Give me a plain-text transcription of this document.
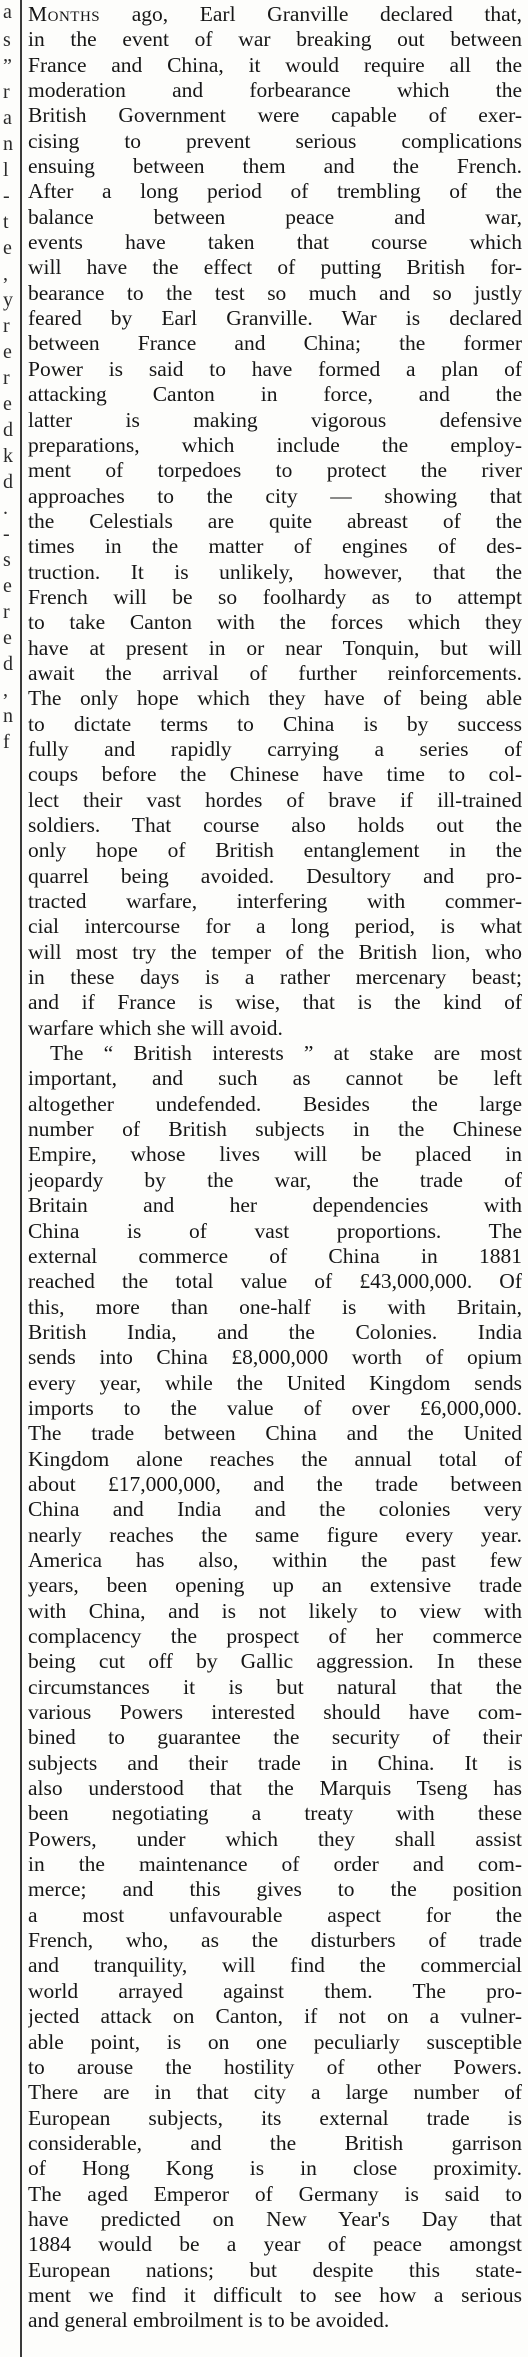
a
s
”
r
a
n
l
-
t
e
,
y
r
e
r
e
d
k
d
.
-
s
e
r
e
d
,
n
f
Months ago, Earl Granville declared that,
in the event of war breaking out between
France and China, it would require all the
moderation and forbearance which the
British Government were capable of exer-
cising to prevent serious complications
ensuing between them and the French.
After a long period of trembling of the
balance between peace and war,
events have taken that course which
will have the effect of putting British for-
bearance to the test so much and so justly
feared by Earl Granville. War is declared
between France and China; the former
Power is said to have formed a plan of
attacking Canton in force, and the
latter is making vigorous defensive
preparations, which include the employ-
ment of torpedoes to protect the river
approaches to the city — showing that
the Celestials are quite abreast of the
times in the matter of engines of des-
truction. It is unlikely, however, that the
French will be so foolhardy as to attempt
to take Canton with the forces which they
have at present in or near Tonquin, but will
await the arrival of further reinforcements.
The only hope which they have of being able
to dictate terms to China is by success
fully and rapidly carrying a series of
coups before the Chinese have time to col-
lect their vast hordes of brave if ill-trained
soldiers. That course also holds out the
only hope of British entanglement in the
quarrel being avoided. Desultory and pro-
tracted warfare, interfering with commer-
cial intercourse for a long period, is what
will most try the temper of the British lion, who
in these days is a rather mercenary beast;
and if France is wise, that is the kind of
warfare which she will avoid.
The “ British interests ” at stake are most
important, and such as cannot be left
altogether undefended. Besides the large
number of British subjects in the Chinese
Empire, whose lives will be placed in
jeopardy by the war, the trade of
Britain and her dependencies with
China is of vast proportions. The
external commerce of China in 1881
reached the total value of £43,000,000. Of
this, more than one-half is with Britain,
British India, and the Colonies. India
sends into China £8,000,000 worth of opium
every year, while the United Kingdom sends
imports to the value of over £6,000,000.
The trade between China and the United
Kingdom alone reaches the annual total of
about £17,000,000, and the trade between
China and India and the colonies very
nearly reaches the same figure every year.
America has also, within the past few
years, been opening up an extensive trade
with China, and is not likely to view with
complacency the prospect of her commerce
being cut off by Gallic aggression. In these
circumstances it is but natural that the
various Powers interested should have com-
bined to guarantee the security of their
subjects and their trade in China. It is
also understood that the Marquis Tseng has
been negotiating a treaty with these
Powers, under which they shall assist
in the maintenance of order and com-
merce; and this gives to the position
a most unfavourable aspect for the
French, who, as the disturbers of trade
and tranquility, will find the commercial
world arrayed against them. The pro-
jected attack on Canton, if not on a vulner-
able point, is on one peculiarly susceptible
to arouse the hostility of other Powers.
There are in that city a large number of
European subjects, its external trade is
considerable, and the British garrison
of Hong Kong is in close proximity.
The aged Emperor of Germany is said to
have predicted on New Year's Day that
1884 would be a year of peace amongst
European nations; but despite this state-
ment we find it difficult to see how a serious
and general embroilment is to be avoided.
